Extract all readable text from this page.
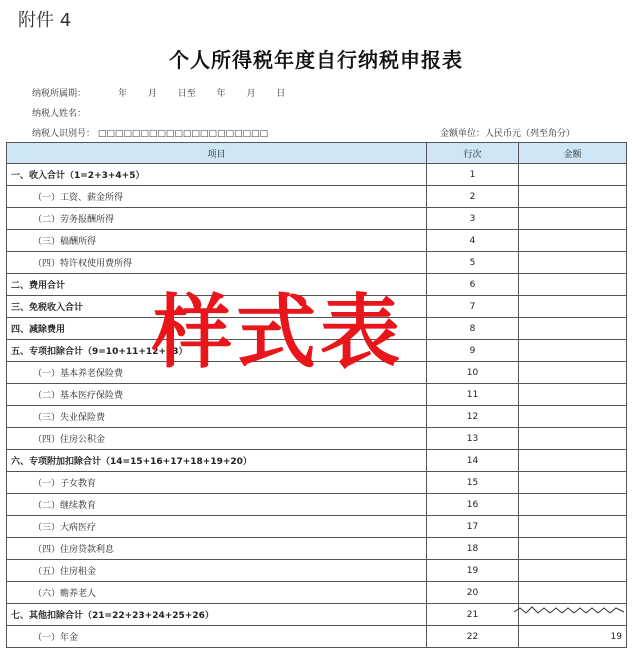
附件 4
个人所得税年度自行纳税申报表
纳税所属期：	年 月 日至 年 月 日
纳税人姓名：
纳税人识别号： □□□□□□□□□□□□□□□□□□□□	金额单位：人民币元（列至角分）
项目	行次	金额
一、收入合计（1=2+3+4+5）	1	
（一）工资、薪金所得	2	
（二）劳务报酬所得	3	
（三）稿酬所得	4	
（四）特许权使用费所得	5	
二、费用合计	6	
三、免税收入合计	7	
四、减除费用	8	
五、专项扣除合计（9=10+11+12+13）	9	
（一）基本养老保险费	10	
（二）基本医疗保险费	11	
（三）失业保险费	12	
（四）住房公积金	13	
六、专项附加扣除合计（14=15+16+17+18+19+20）	14	
（一）子女教育	15	
（二）继续教育	16	
（三）大病医疗	17	
（四）住房贷款利息	18	
（五）住房租金	19	
（六）赡养老人	20	
七、其他扣除合计（21=22+23+24+25+26）	21	
（一）年金	22	19
样式表
